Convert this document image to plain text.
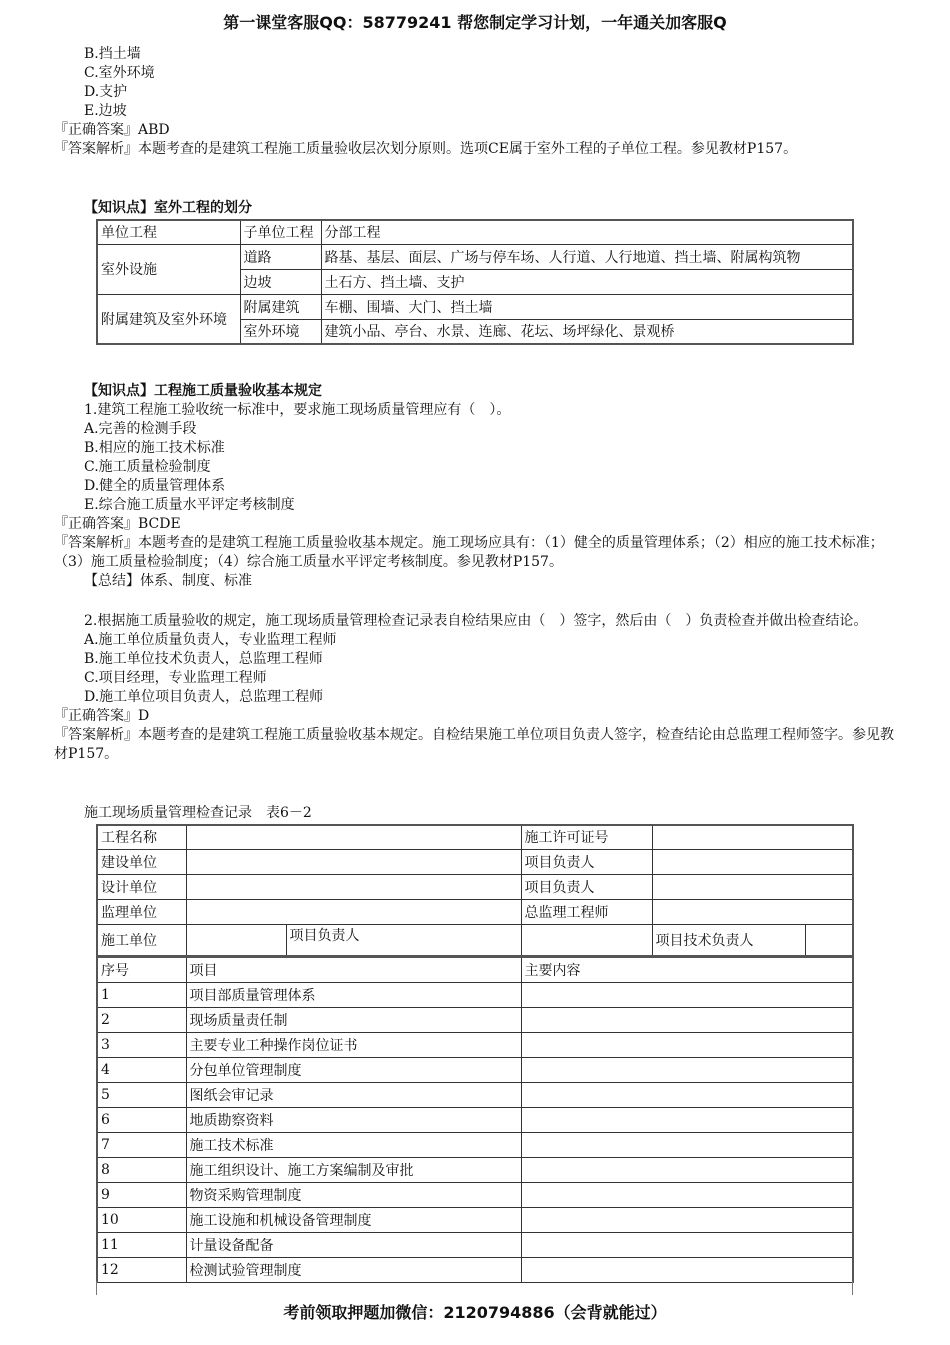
第一课堂客服QQ：58779241 帮您制定学习计划，一年通关加客服Q
B.挡土墙
C.室外环境
D.支护
E.边坡
『正确答案』ABD
『答案解析』本题考查的是建筑工程施工质量验收层次划分原则。选项CE属于室外工程的子单位工程。参见教材P157。
【知识点】室外工程的划分
单位工程	子单位工程	分部工程
室外设施	道路	路基、基层、面层、广场与停车场、人行道、人行地道、挡土墙、附属构筑物
	边坡	土石方、挡土墙、支护
附属建筑及室外环境	附属建筑	车棚、围墙、大门、挡土墙
	室外环境	建筑小品、亭台、水景、连廊、花坛、场坪绿化、景观桥
【知识点】工程施工质量验收基本规定
1.建筑工程施工验收统一标准中，要求施工现场质量管理应有（　）。
A.完善的检测手段
B.相应的施工技术标准
C.施工质量检验制度
D.健全的质量管理体系
E.综合施工质量水平评定考核制度
『正确答案』BCDE
『答案解析』本题考查的是建筑工程施工质量验收基本规定。施工现场应具有：（1）健全的质量管理体系；（2）相应的施工技术标准；（3）施工质量检验制度；（4）综合施工质量水平评定考核制度。参见教材P157。
【总结】体系、制度、标准
2.根据施工质量验收的规定，施工现场质量管理检查记录表自检结果应由（　）签字，然后由（　）负责检查并做出检查结论。
A.施工单位质量负责人，专业监理工程师
B.施工单位技术负责人，总监理工程师
C.项目经理，专业监理工程师
D.施工单位项目负责人，总监理工程师
『正确答案』D
『答案解析』本题考查的是建筑工程施工质量验收基本规定。自检结果施工单位项目负责人签字，检查结论由总监理工程师签字。参见教材P157。
施工现场质量管理检查记录　表6－2
工程名称			施工许可证号		
建设单位			项目负责人		
设计单位			项目负责人		
监理单位			总监理工程师		
施工单位		项目负责人		项目技术负责人	
序号	项目	主要内容
1	项目部质量管理体系	
2	现场质量责任制	
3	主要专业工种操作岗位证书	
4	分包单位管理制度	
5	图纸会审记录	
6	地质勘察资料	
7	施工技术标准	
8	施工组织设计、施工方案编制及审批	
9	物资采购管理制度	
10	施工设施和机械设备管理制度	
11	计量设备配备	
12	检测试验管理制度	
考前领取押题加微信：2120794886（会背就能过）
